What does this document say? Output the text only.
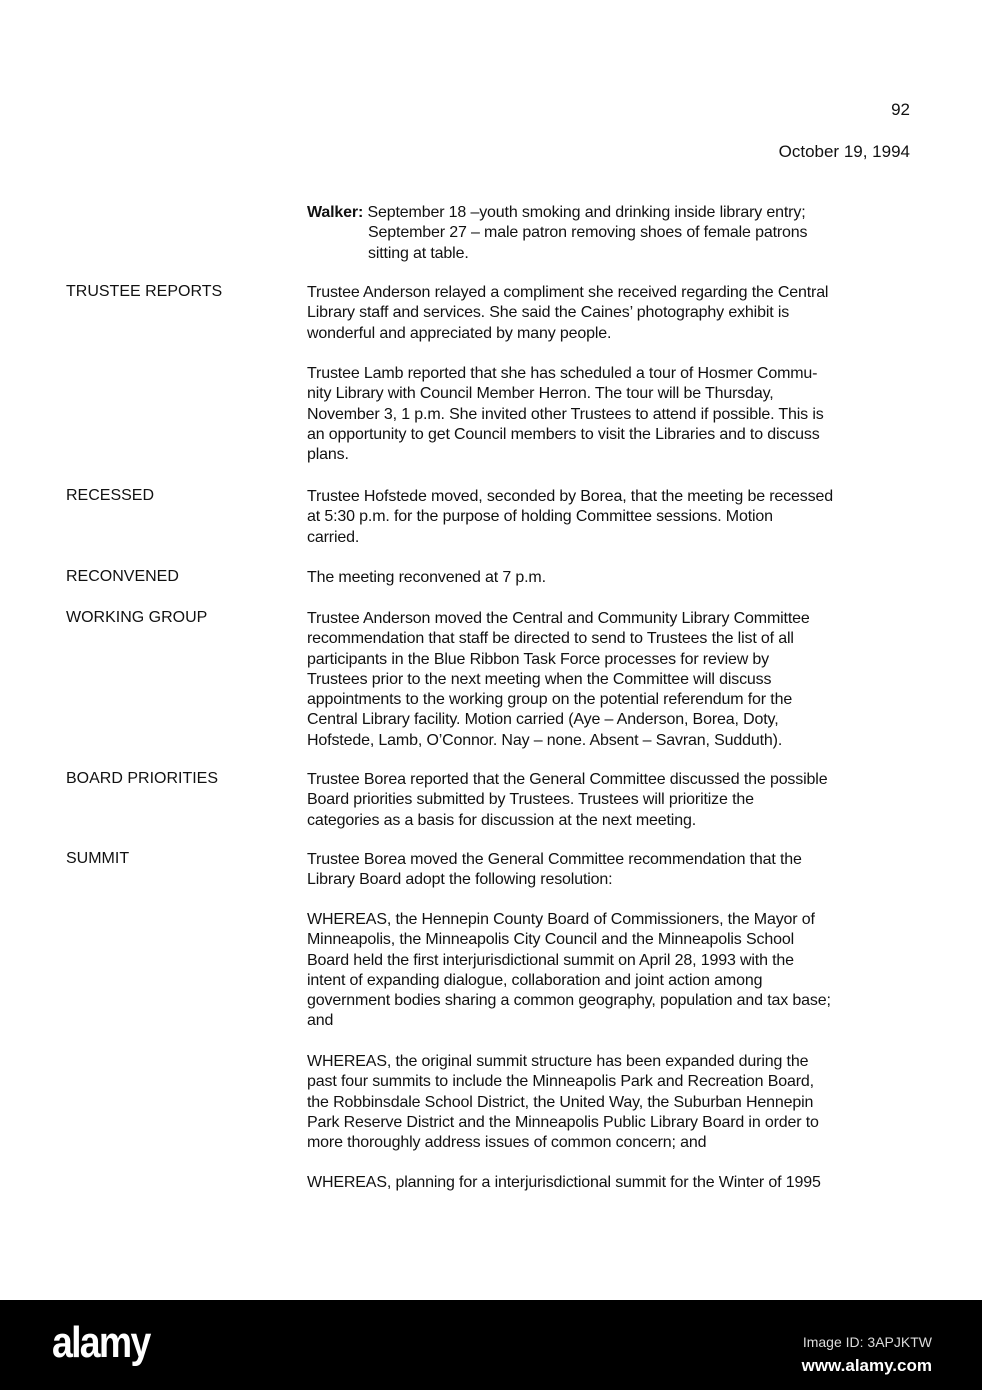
92
October 19, 1994
Walker: September 18 –youth smoking and drinking inside library entry;
September 27 – male patron removing shoes of female patrons
sitting at table.
TRUSTEE REPORTS	Trustee Anderson relayed a compliment she received regarding the Central
Library staff and services. She said the Caines’ photography exhibit is
wonderful and appreciated by many people.
Trustee Lamb reported that she has scheduled a tour of Hosmer Commu-
nity Library with Council Member Herron. The tour will be Thursday,
November 3, 1 p.m. She invited other Trustees to attend if possible. This is
an opportunity to get Council members to visit the Libraries and to discuss
plans.
RECESSED	Trustee Hofstede moved, seconded by Borea, that the meeting be recessed
at 5:30 p.m. for the purpose of holding Committee sessions. Motion
carried.
RECONVENED	The meeting reconvened at 7 p.m.
WORKING GROUP	Trustee Anderson moved the Central and Community Library Committee
recommendation that staff be directed to send to Trustees the list of all
participants in the Blue Ribbon Task Force processes for review by
Trustees prior to the next meeting when the Committee will discuss
appointments to the working group on the potential referendum for the
Central Library facility. Motion carried (Aye – Anderson, Borea, Doty,
Hofstede, Lamb, O’Connor. Nay – none. Absent – Savran, Sudduth).
BOARD PRIORITIES	Trustee Borea reported that the General Committee discussed the possible
Board priorities submitted by Trustees. Trustees will prioritize the
categories as a basis for discussion at the next meeting.
SUMMIT	Trustee Borea moved the General Committee recommendation that the
Library Board adopt the following resolution:
WHEREAS, the Hennepin County Board of Commissioners, the Mayor of
Minneapolis, the Minneapolis City Council and the Minneapolis School
Board held the first interjurisdictional summit on April 28, 1993 with the
intent of expanding dialogue, collaboration and joint action among
government bodies sharing a common geography, population and tax base;
and
WHEREAS, the original summit structure has been expanded during the
past four summits to include the Minneapolis Park and Recreation Board,
the Robbinsdale School District, the United Way, the Suburban Hennepin
Park Reserve District and the Minneapolis Public Library Board in order to
more thoroughly address issues of common concern; and
WHEREAS, planning for a interjurisdictional summit for the Winter of 1995
alamy	Image ID: 3APJKTW
www.alamy.com
